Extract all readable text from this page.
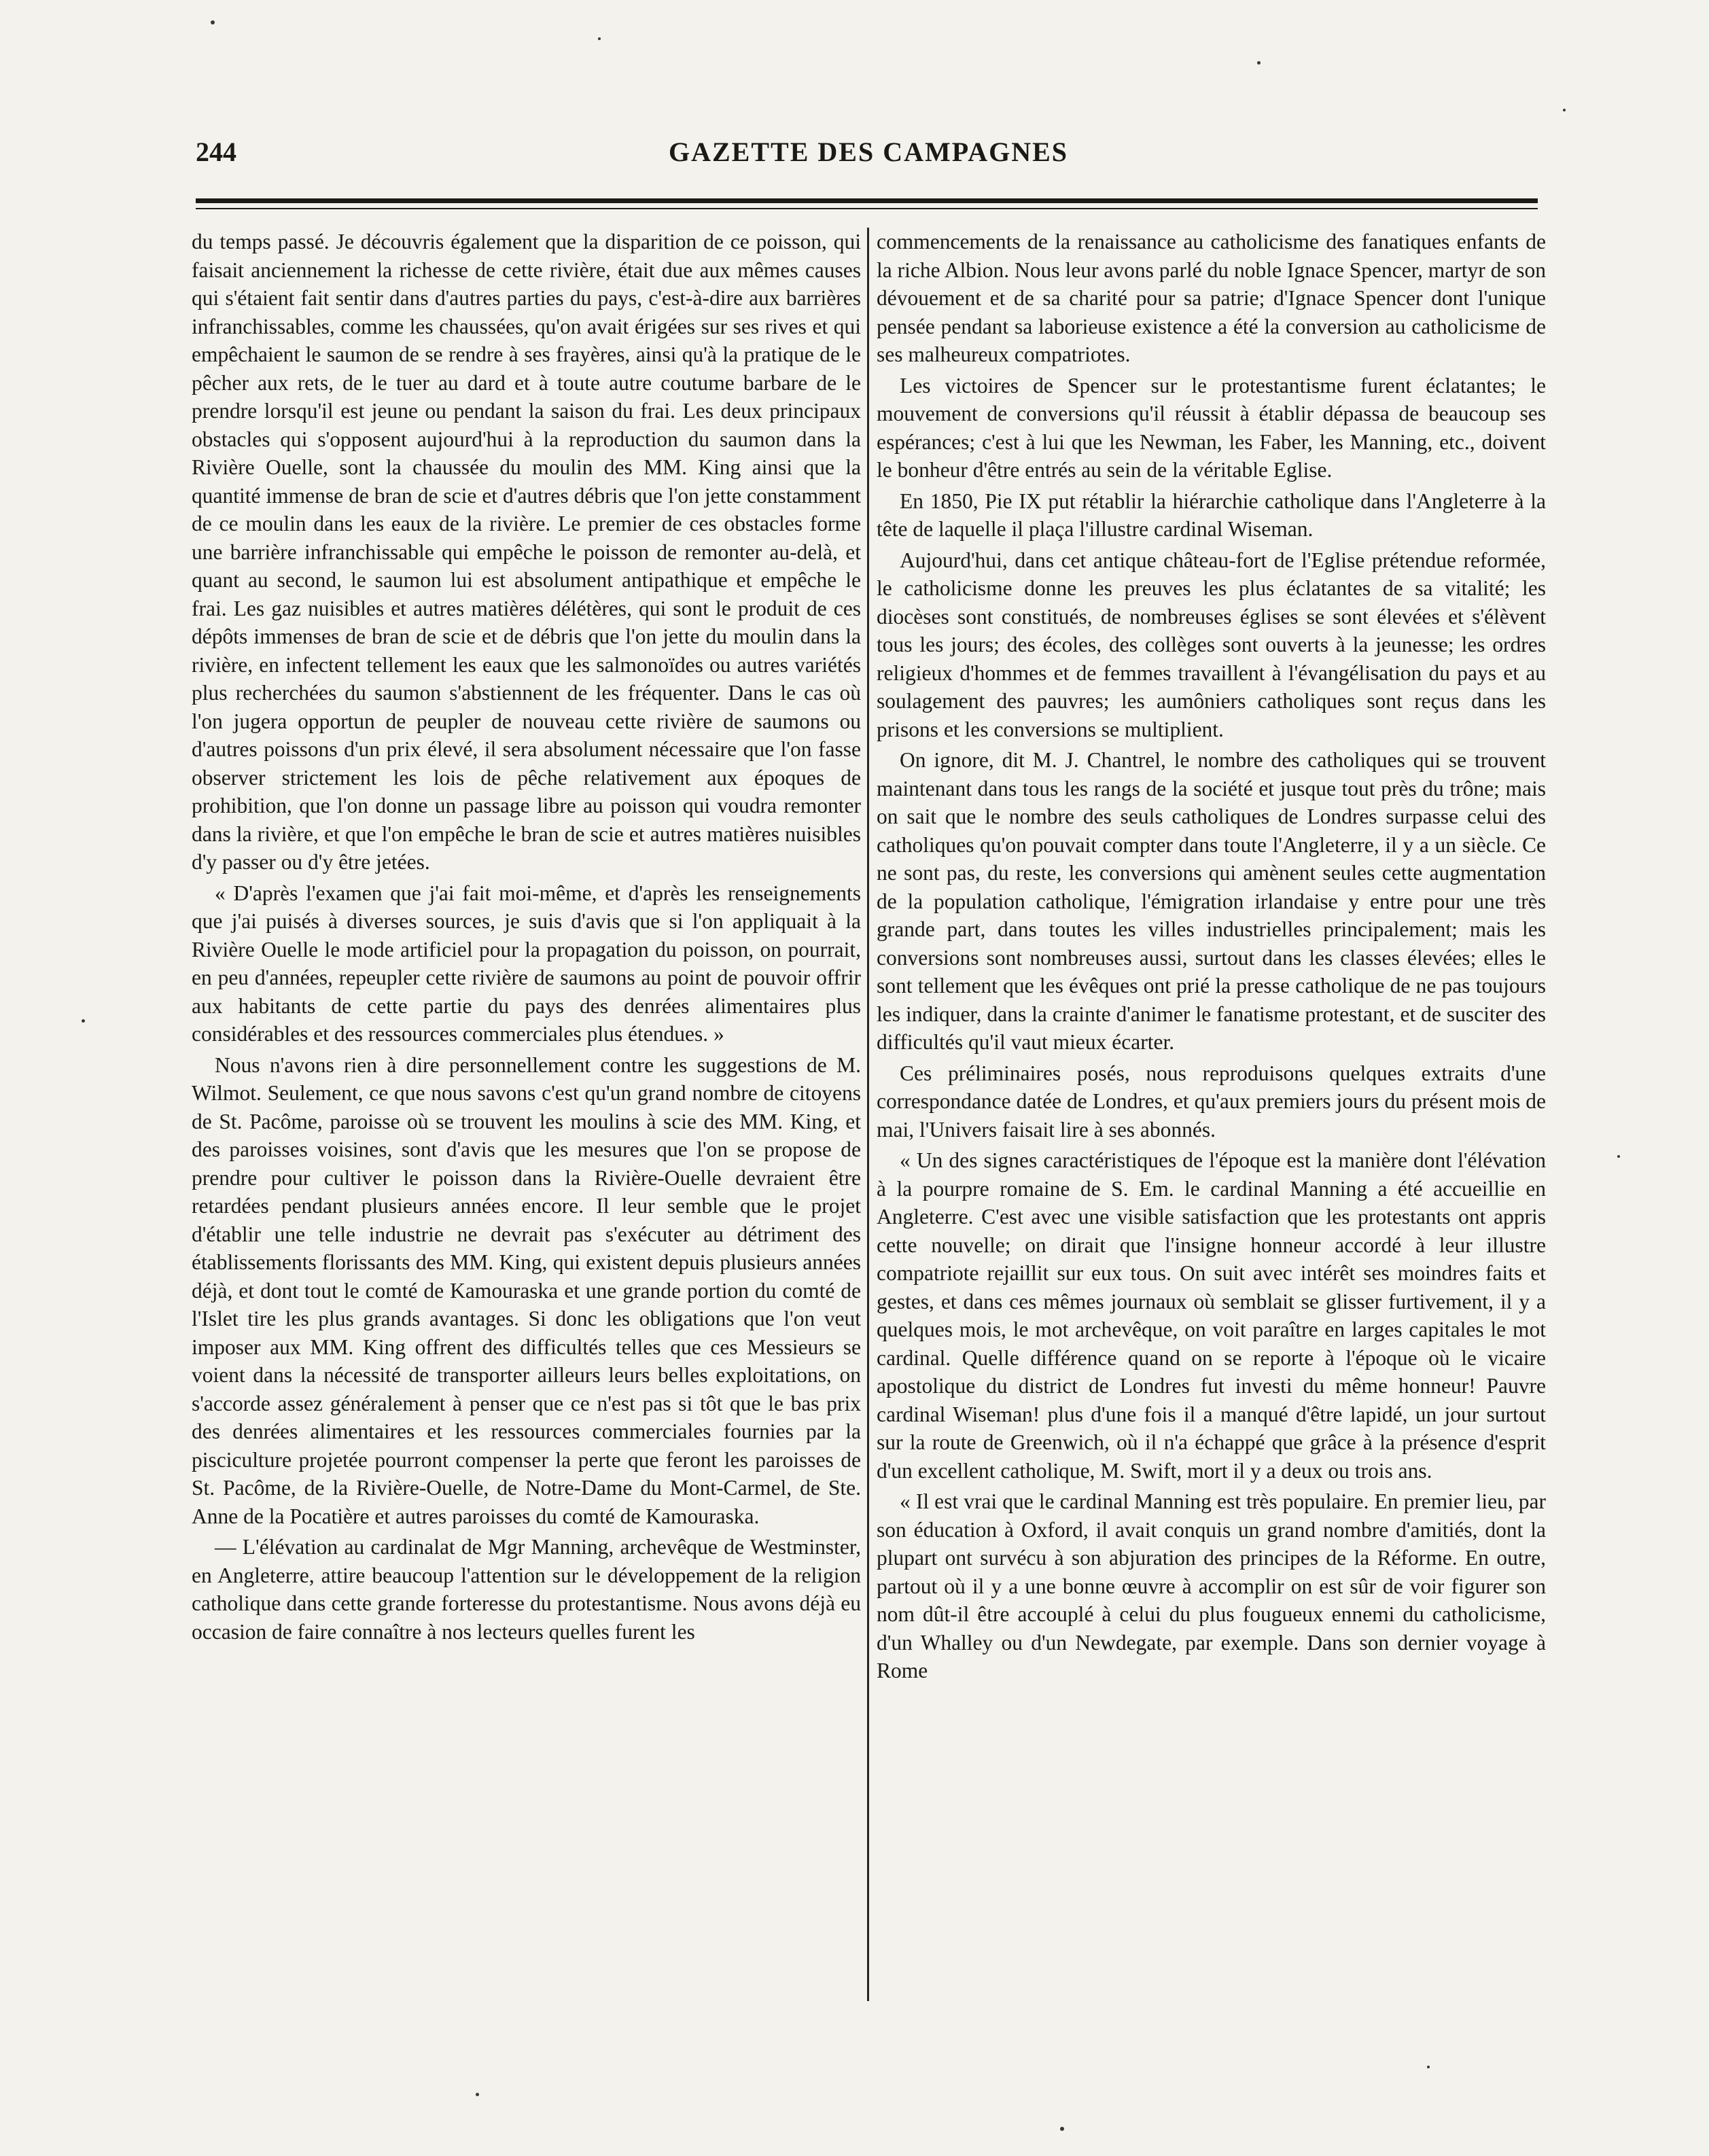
244	GAZETTE DES CAMPAGNES

du temps passé. Je découvris également que la disparition de ce poisson, qui faisait anciennement la richesse de cette rivière, était due aux mêmes causes qui s'étaient fait sentir dans d'autres parties du pays, c'est-à-dire aux barrières infranchissables, comme les chaussées, qu'on avait érigées sur ses rives et qui empêchaient le saumon de se rendre à ses frayères, ainsi qu'à la pratique de le pêcher aux rets, de le tuer au dard et à toute autre coutume barbare de le prendre lorsqu'il est jeune ou pendant la saison du frai. Les deux principaux obstacles qui s'opposent aujourd'hui à la reproduction du saumon dans la Rivière Ouelle, sont la chaussée du moulin des MM. King ainsi que la quantité immense de bran de scie et d'autres débris que l'on jette constamment de ce moulin dans les eaux de la rivière. Le premier de ces obstacles forme une barrière infranchissable qui empêche le poisson de remonter au-delà, et quant au second, le saumon lui est absolument antipathique et empêche le frai. Les gaz nuisibles et autres matières délétères, qui sont le produit de ces dépôts immenses de bran de scie et de débris que l'on jette du moulin dans la rivière, en infectent tellement les eaux que les salmonoïdes ou autres variétés plus recherchées du saumon s'abstiennent de les fréquenter. Dans le cas où l'on jugera opportun de peupler de nouveau cette rivière de saumons ou d'autres poissons d'un prix élevé, il sera absolument nécessaire que l'on fasse observer strictement les lois de pêche relativement aux époques de prohibition, que l'on donne un passage libre au poisson qui voudra remonter dans la rivière, et que l'on empêche le bran de scie et autres matières nuisibles d'y passer ou d'y être jetées.

« D'après l'examen que j'ai fait moi-même, et d'après les renseignements que j'ai puisés à diverses sources, je suis d'avis que si l'on appliquait à la Rivière Ouelle le mode artificiel pour la propagation du poisson, on pourrait, en peu d'années, repeupler cette rivière de saumons au point de pouvoir offrir aux habitants de cette partie du pays des denrées alimentaires plus considérables et des ressources commerciales plus étendues. »

Nous n'avons rien à dire personnellement contre les suggestions de M. Wilmot. Seulement, ce que nous savons c'est qu'un grand nombre de citoyens de St. Pacôme, paroisse où se trouvent les moulins à scie des MM. King, et des paroisses voisines, sont d'avis que les mesures que l'on se propose de prendre pour cultiver le poisson dans la Rivière-Ouelle devraient être retardées pendant plusieurs années encore. Il leur semble que le projet d'établir une telle industrie ne devrait pas s'exécuter au détriment des établissements florissants des MM. King, qui existent depuis plusieurs années déjà, et dont tout le comté de Kamouraska et une grande portion du comté de l'Islet tire les plus grands avantages. Si donc les obligations que l'on veut imposer aux MM. King offrent des difficultés telles que ces Messieurs se voient dans la nécessité de transporter ailleurs leurs belles exploitations, on s'accorde assez généralement à penser que ce n'est pas si tôt que le bas prix des denrées alimentaires et les ressources commerciales fournies par la pisciculture projetée pourront compenser la perte que feront les paroisses de St. Pacôme, de la Rivière-Ouelle, de Notre-Dame du Mont-Carmel, de Ste. Anne de la Pocatière et autres paroisses du comté de Kamouraska.

— L'élévation au cardinalat de Mgr Manning, archevêque de Westminster, en Angleterre, attire beaucoup l'attention sur le développement de la religion catholique dans cette grande forteresse du protestantisme. Nous avons déjà eu occasion de faire connaître à nos lecteurs quelles furent les

commencements de la renaissance au catholicisme des fanatiques enfants de la riche Albion. Nous leur avons parlé du noble Ignace Spencer, martyr de son dévouement et de sa charité pour sa patrie; d'Ignace Spencer dont l'unique pensée pendant sa laborieuse existence a été la conversion au catholicisme de ses malheureux compatriotes.

Les victoires de Spencer sur le protestantisme furent éclatantes; le mouvement de conversions qu'il réussit à établir dépassa de beaucoup ses espérances; c'est à lui que les Newman, les Faber, les Manning, etc., doivent le bonheur d'être entrés au sein de la véritable Eglise.

En 1850, Pie IX put rétablir la hiérarchie catholique dans l'Angleterre à la tête de laquelle il plaça l'illustre cardinal Wiseman.

Aujourd'hui, dans cet antique château-fort de l'Eglise prétendue reformée, le catholicisme donne les preuves les plus éclatantes de sa vitalité; les diocèses sont constitués, de nombreuses églises se sont élevées et s'élèvent tous les jours; des écoles, des collèges sont ouverts à la jeunesse; les ordres religieux d'hommes et de femmes travaillent à l'évangélisation du pays et au soulagement des pauvres; les aumôniers catholiques sont reçus dans les prisons et les conversions se multiplient.

On ignore, dit M. J. Chantrel, le nombre des catholiques qui se trouvent maintenant dans tous les rangs de la société et jusque tout près du trône; mais on sait que le nombre des seuls catholiques de Londres surpasse celui des catholiques qu'on pouvait compter dans toute l'Angleterre, il y a un siècle. Ce ne sont pas, du reste, les conversions qui amènent seules cette augmentation de la population catholique, l'émigration irlandaise y entre pour une très grande part, dans toutes les villes industrielles principalement; mais les conversions sont nombreuses aussi, surtout dans les classes élevées; elles le sont tellement que les évêques ont prié la presse catholique de ne pas toujours les indiquer, dans la crainte d'animer le fanatisme protestant, et de susciter des difficultés qu'il vaut mieux écarter.

Ces préliminaires posés, nous reproduisons quelques extraits d'une correspondance datée de Londres, et qu'aux premiers jours du présent mois de mai, l'Univers faisait lire à ses abonnés.

« Un des signes caractéristiques de l'époque est la manière dont l'élévation à la pourpre romaine de S. Em. le cardinal Manning a été accueillie en Angleterre. C'est avec une visible satisfaction que les protestants ont appris cette nouvelle; on dirait que l'insigne honneur accordé à leur illustre compatriote rejaillit sur eux tous. On suit avec intérêt ses moindres faits et gestes, et dans ces mêmes journaux où semblait se glisser furtivement, il y a quelques mois, le mot archevêque, on voit paraître en larges capitales le mot cardinal. Quelle différence quand on se reporte à l'époque où le vicaire apostolique du district de Londres fut investi du même honneur! Pauvre cardinal Wiseman! plus d'une fois il a manqué d'être lapidé, un jour surtout sur la route de Greenwich, où il n'a échappé que grâce à la présence d'esprit d'un excellent catholique, M. Swift, mort il y a deux ou trois ans.

« Il est vrai que le cardinal Manning est très populaire. En premier lieu, par son éducation à Oxford, il avait conquis un grand nombre d'amitiés, dont la plupart ont survécu à son abjuration des principes de la Réforme. En outre, partout où il y a une bonne œuvre à accomplir on est sûr de voir figurer son nom dût-il être accouplé à celui du plus fougueux ennemi du catholicisme, d'un Whalley ou d'un Newdegate, par exemple. Dans son dernier voyage à Rome
